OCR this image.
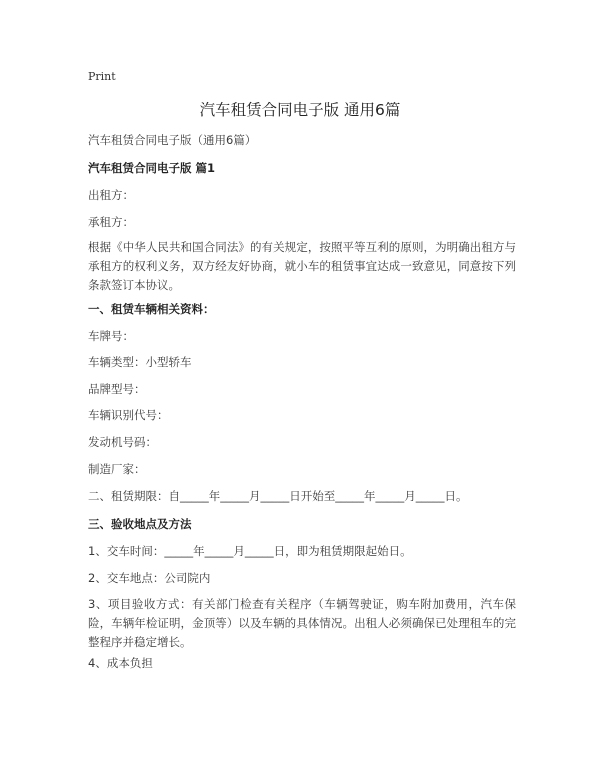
Print
汽车租赁合同电子版 通用6篇
汽车租赁合同电子版（通用6篇）
汽车租赁合同电子版 篇1
出租方：
承租方：
根据《中华人民共和国合同法》的有关规定，按照平等互利的原则，为明确出租方与承租方的权利义务，双方经友好协商，就小车的租赁事宜达成一致意见，同意按下列条款签订本协议。
一、租赁车辆相关资料：
车牌号：
车辆类型：小型轿车
品牌型号：
车辆识别代号：
发动机号码：
制造厂家：
二、租赁期限：自_____年_____月_____日开始至_____年_____月_____日。
三、验收地点及方法
1、交车时间：_____年_____月_____日，即为租赁期限起始日。
2、交车地点：公司院内
3、项目验收方式：有关部门检查有关程序（车辆驾驶证，购车附加费用，汽车保险，车辆年检证明，金顶等）以及车辆的具体情况。出租人必须确保已处理租车的完整程序并稳定增长。
4、成本负担
